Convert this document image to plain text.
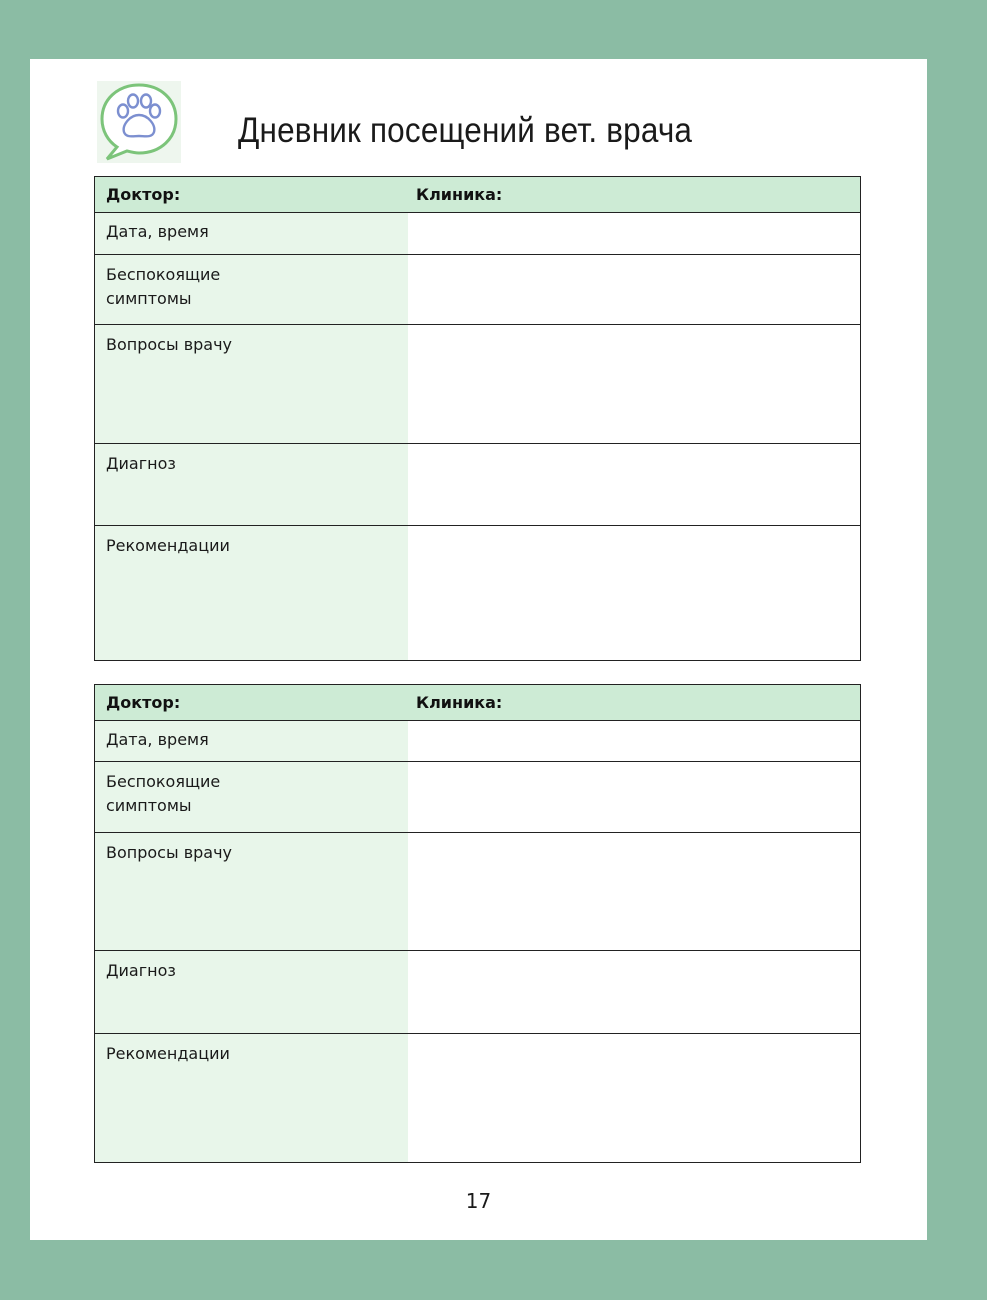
Дневник посещений вет. врача
Доктор:	Клиника:
Дата, время
Беспокоящие
симптомы
Вопросы врачу
Диагноз
Рекомендации
Доктор:	Клиника:
Дата, время
Беспокоящие
симптомы
Вопросы врачу
Диагноз
Рекомендации
17
